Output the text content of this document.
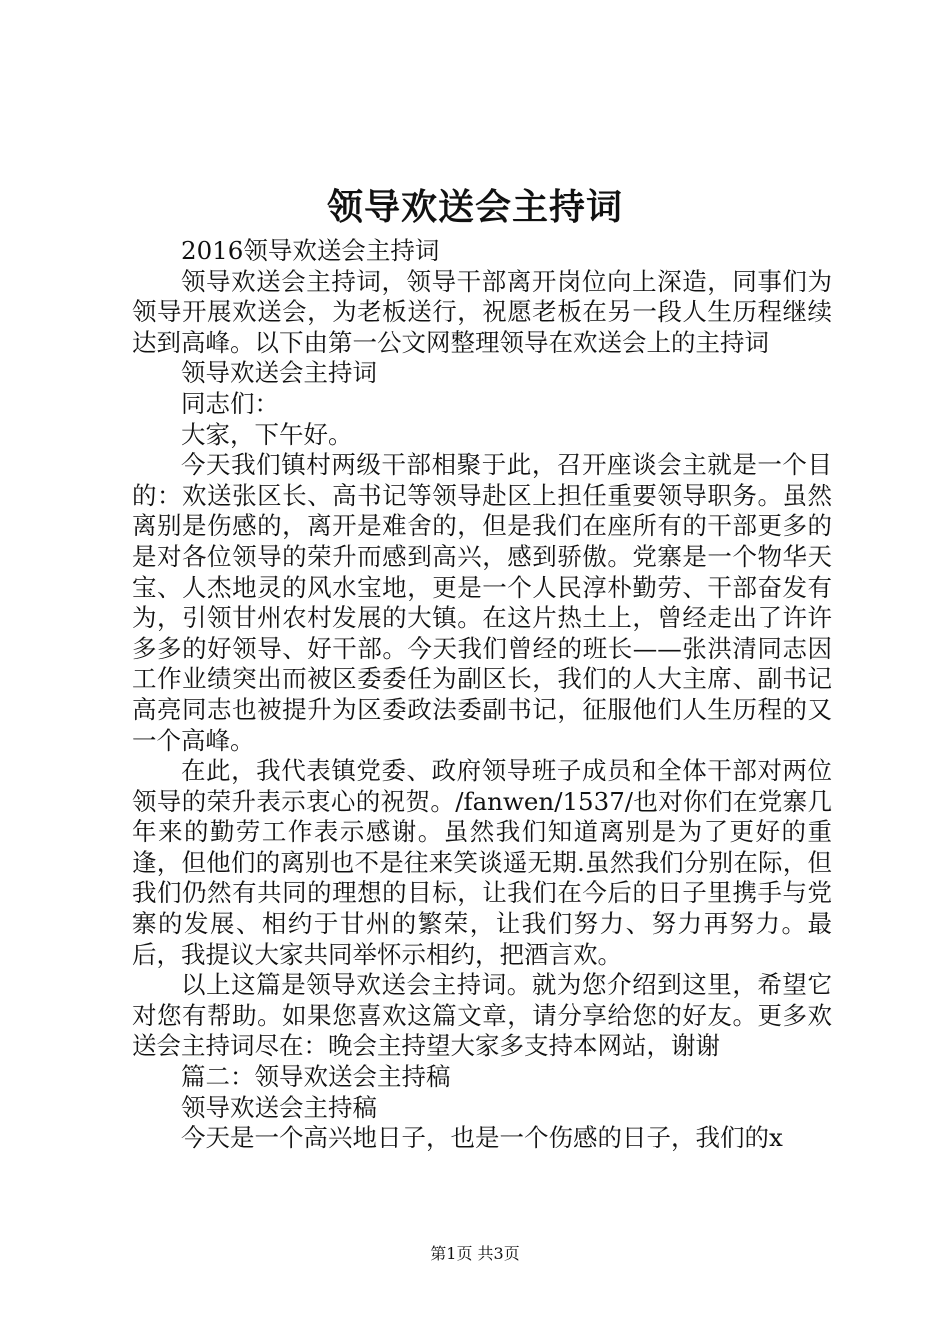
领导欢送会主持词

2016领导欢送会主持词

领导欢送会主持词，领导干部离开岗位向上深造，同事们为领导开展欢送会，为老板送行，祝愿老板在另一段人生历程继续达到高峰。以下由第一公文网整理领导在欢送会上的主持词

领导欢送会主持词

同志们：

大家，下午好。

今天我们镇村两级干部相聚于此，召开座谈会主就是一个目的：欢送张区长、高书记等领导赴区上担任重要领导职务。虽然离别是伤感的，离开是难舍的，但是我们在座所有的干部更多的是对各位领导的荣升而感到高兴，感到骄傲。党寨是一个物华天宝、人杰地灵的风水宝地，更是一个人民淳朴勤劳、干部奋发有为，引领甘州农村发展的大镇。在这片热土上，曾经走出了许许多多的好领导、好干部。今天我们曾经的班长——张洪清同志因工作业绩突出而被区委委任为副区长，我们的人大主席、副书记高亮同志也被提升为区委政法委副书记，征服他们人生历程的又一个高峰。

在此，我代表镇党委、政府领导班子成员和全体干部对两位领导的荣升表示衷心的祝贺。/fanwen/1537/也对你们在党寨几年来的勤劳工作表示感谢。虽然我们知道离别是为了更好的重逢，但他们的离别也不是往来笑谈遥无期.虽然我们分别在际，但我们仍然有共同的理想的目标，让我们在今后的日子里携手与党寨的发展、相约于甘州的繁荣，让我们努力、努力再努力。最后，我提议大家共同举怀示相约，把酒言欢。

以上这篇是领导欢送会主持词。就为您介绍到这里，希望它对您有帮助。如果您喜欢这篇文章，请分享给您的好友。更多欢送会主持词尽在：晚会主持望大家多支持本网站，谢谢

篇二：领导欢送会主持稿

领导欢送会主持稿

今天是一个高兴地日子，也是一个伤感的日子，我们的x

第1页 共3页
